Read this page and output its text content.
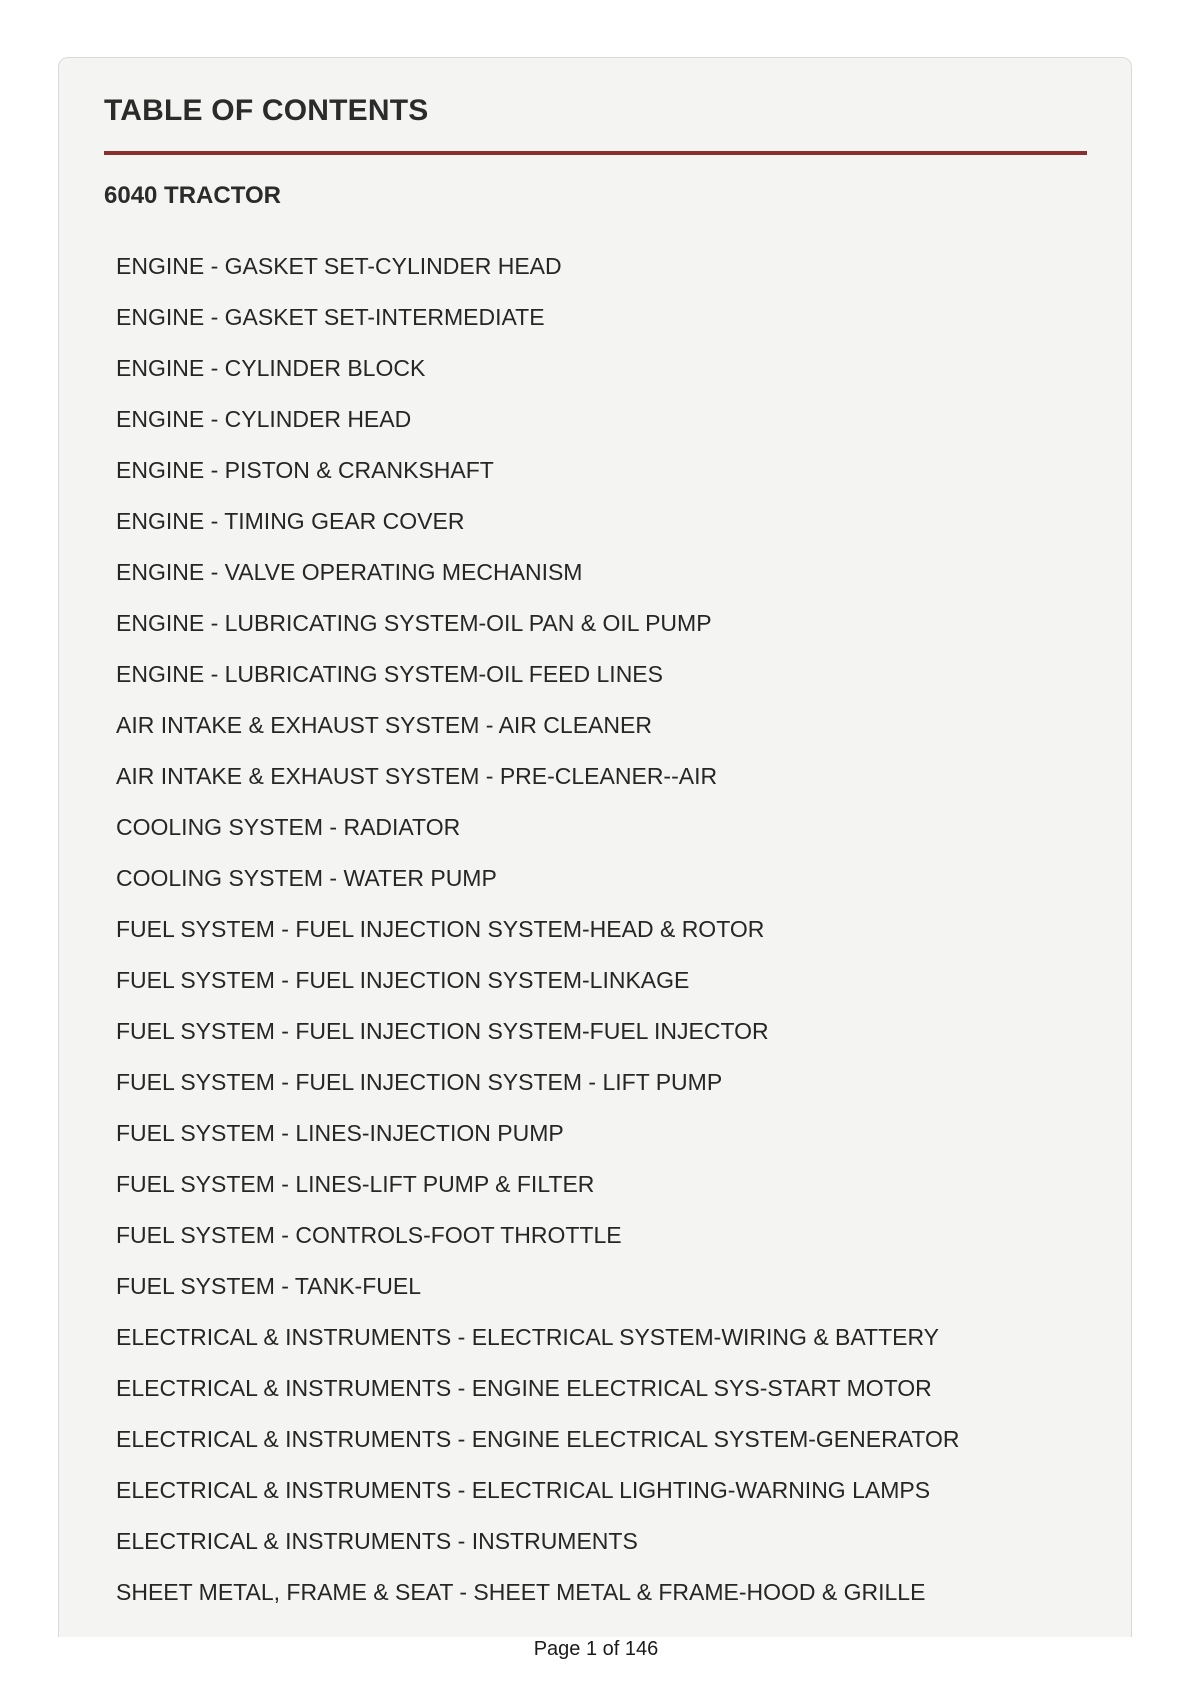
TABLE OF CONTENTS
6040 TRACTOR
ENGINE - GASKET SET-CYLINDER HEAD
ENGINE - GASKET SET-INTERMEDIATE
ENGINE - CYLINDER BLOCK
ENGINE - CYLINDER HEAD
ENGINE - PISTON & CRANKSHAFT
ENGINE - TIMING GEAR COVER
ENGINE - VALVE OPERATING MECHANISM
ENGINE - LUBRICATING SYSTEM-OIL PAN & OIL PUMP
ENGINE - LUBRICATING SYSTEM-OIL FEED LINES
AIR INTAKE & EXHAUST SYSTEM - AIR CLEANER
AIR INTAKE & EXHAUST SYSTEM - PRE-CLEANER--AIR
COOLING SYSTEM - RADIATOR
COOLING SYSTEM - WATER PUMP
FUEL SYSTEM - FUEL INJECTION SYSTEM-HEAD & ROTOR
FUEL SYSTEM - FUEL INJECTION SYSTEM-LINKAGE
FUEL SYSTEM - FUEL INJECTION SYSTEM-FUEL INJECTOR
FUEL SYSTEM - FUEL INJECTION SYSTEM - LIFT PUMP
FUEL SYSTEM - LINES-INJECTION PUMP
FUEL SYSTEM - LINES-LIFT PUMP & FILTER
FUEL SYSTEM - CONTROLS-FOOT THROTTLE
FUEL SYSTEM - TANK-FUEL
ELECTRICAL & INSTRUMENTS - ELECTRICAL SYSTEM-WIRING & BATTERY
ELECTRICAL & INSTRUMENTS - ENGINE ELECTRICAL SYS-START MOTOR
ELECTRICAL & INSTRUMENTS - ENGINE ELECTRICAL SYSTEM-GENERATOR
ELECTRICAL & INSTRUMENTS - ELECTRICAL LIGHTING-WARNING LAMPS
ELECTRICAL & INSTRUMENTS - INSTRUMENTS
SHEET METAL, FRAME & SEAT - SHEET METAL & FRAME-HOOD & GRILLE
Page 1 of 146
